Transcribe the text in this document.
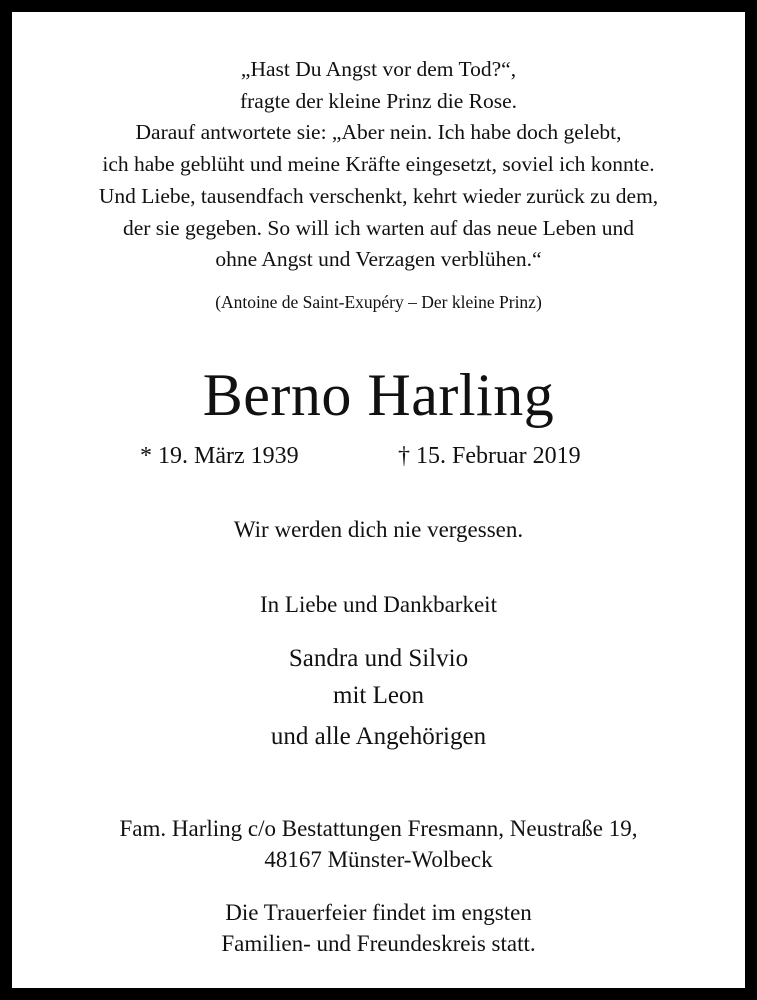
„Hast Du Angst vor dem Tod?“,
fragte der kleine Prinz die Rose.
Darauf antwortete sie: „Aber nein. Ich habe doch gelebt,
ich habe geblüht und meine Kräfte eingesetzt, soviel ich konnte.
Und Liebe, tausendfach verschenkt, kehrt wieder zurück zu dem,
der sie gegeben. So will ich warten auf das neue Leben und
ohne Angst und Verzagen verblühen.“
(Antoine de Saint-Exupéry – Der kleine Prinz)
Berno Harling
* 19. März 1939	† 15. Februar 2019
Wir werden dich nie vergessen.
In Liebe und Dankbarkeit
Sandra und Silvio
mit Leon
und alle Angehörigen
Fam. Harling c/o Bestattungen Fresmann, Neustraße 19,
48167 Münster-Wolbeck
Die Trauerfeier findet im engsten
Familien- und Freundeskreis statt.
